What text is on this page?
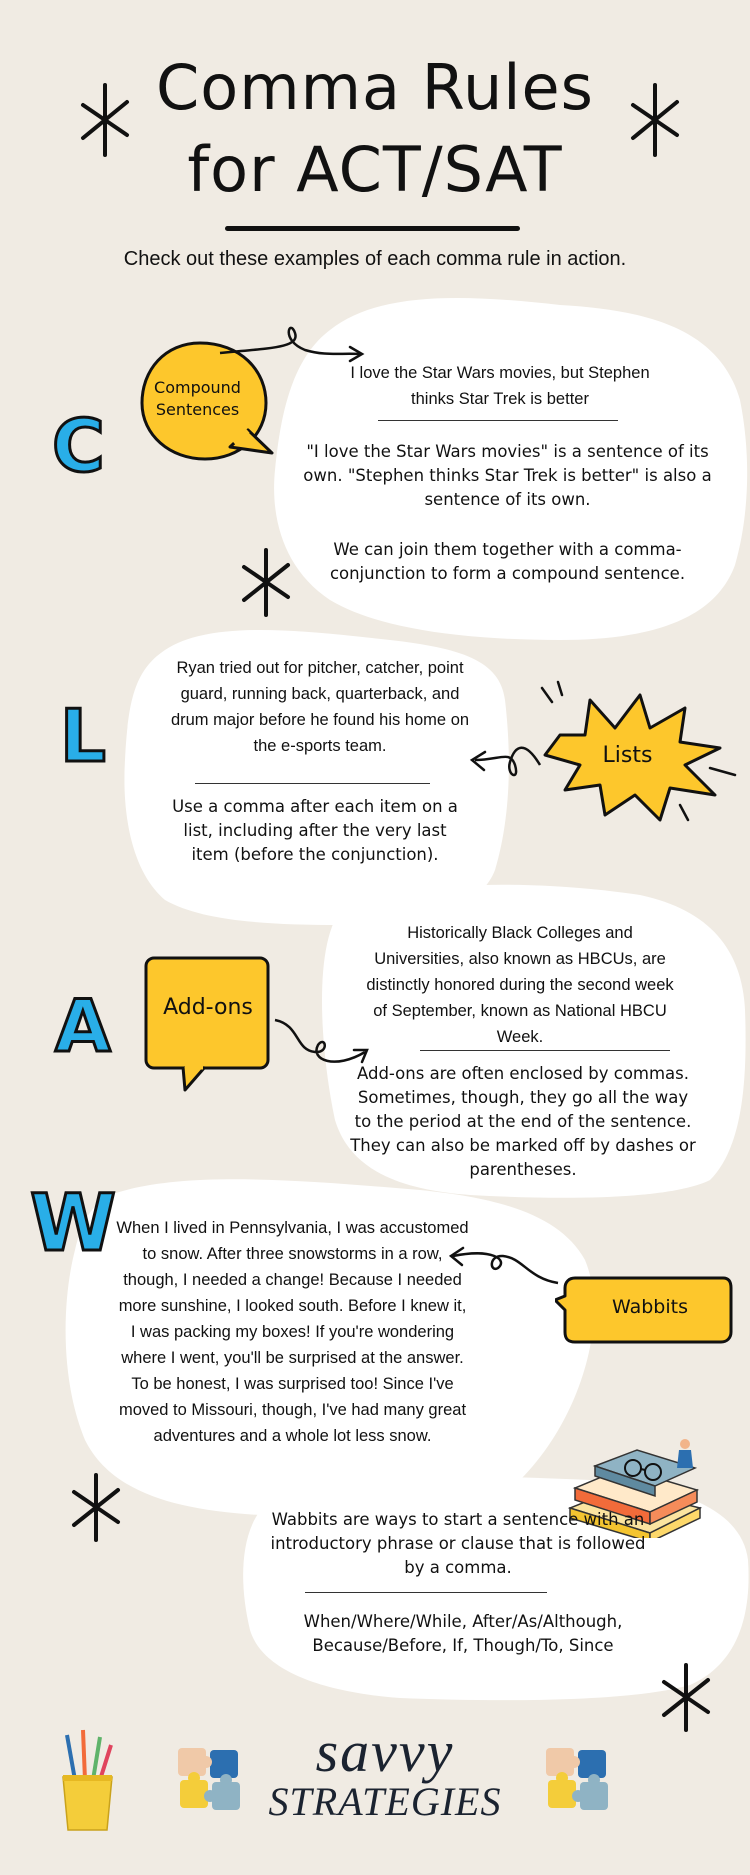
Comma Rules
for ACT/SAT
Check out these examples of each comma rule in action.
C
Compound
Sentences
I love the Star Wars movies, but Stephen thinks Star Trek is better
"I love the Star Wars movies" is a sentence of its own. "Stephen thinks Star Trek is better" is also a sentence of its own.
We can join them together with a comma-conjunction to form a compound sentence.
L
Ryan tried out for pitcher, catcher, point guard, running back, quarterback, and drum major before he found his home on the e-sports team.
Use a comma after each item on a list, including after the very last item (before the conjunction).
Lists
A	Add-ons
Historically Black Colleges and Universities, also known as HBCUs, are distinctly honored during the second week of September, known as National HBCU Week.
Add-ons are often enclosed by commas. Sometimes, though, they go all the way to the period at the end of the sentence. They can also be marked off by dashes or parentheses.
W When I lived in Pennsylvania, I was accustomed to snow. After three snowstorms in a row, though, I needed a change! Because I needed more sunshine, I looked south. Before I knew it, I was packing my boxes! If you're wondering where I went, you'll be surprised at the answer. To be honest, I was surprised too! Since I've moved to Missouri, though, I've had many great adventures and a whole lot less snow.
Wabbits
Wabbits are ways to start a sentence with an introductory phrase or clause that is followed by a comma.
When/Where/While, After/As/Although,
Because/Before, If, Though/To, Since
savvy
STRATEGIES
